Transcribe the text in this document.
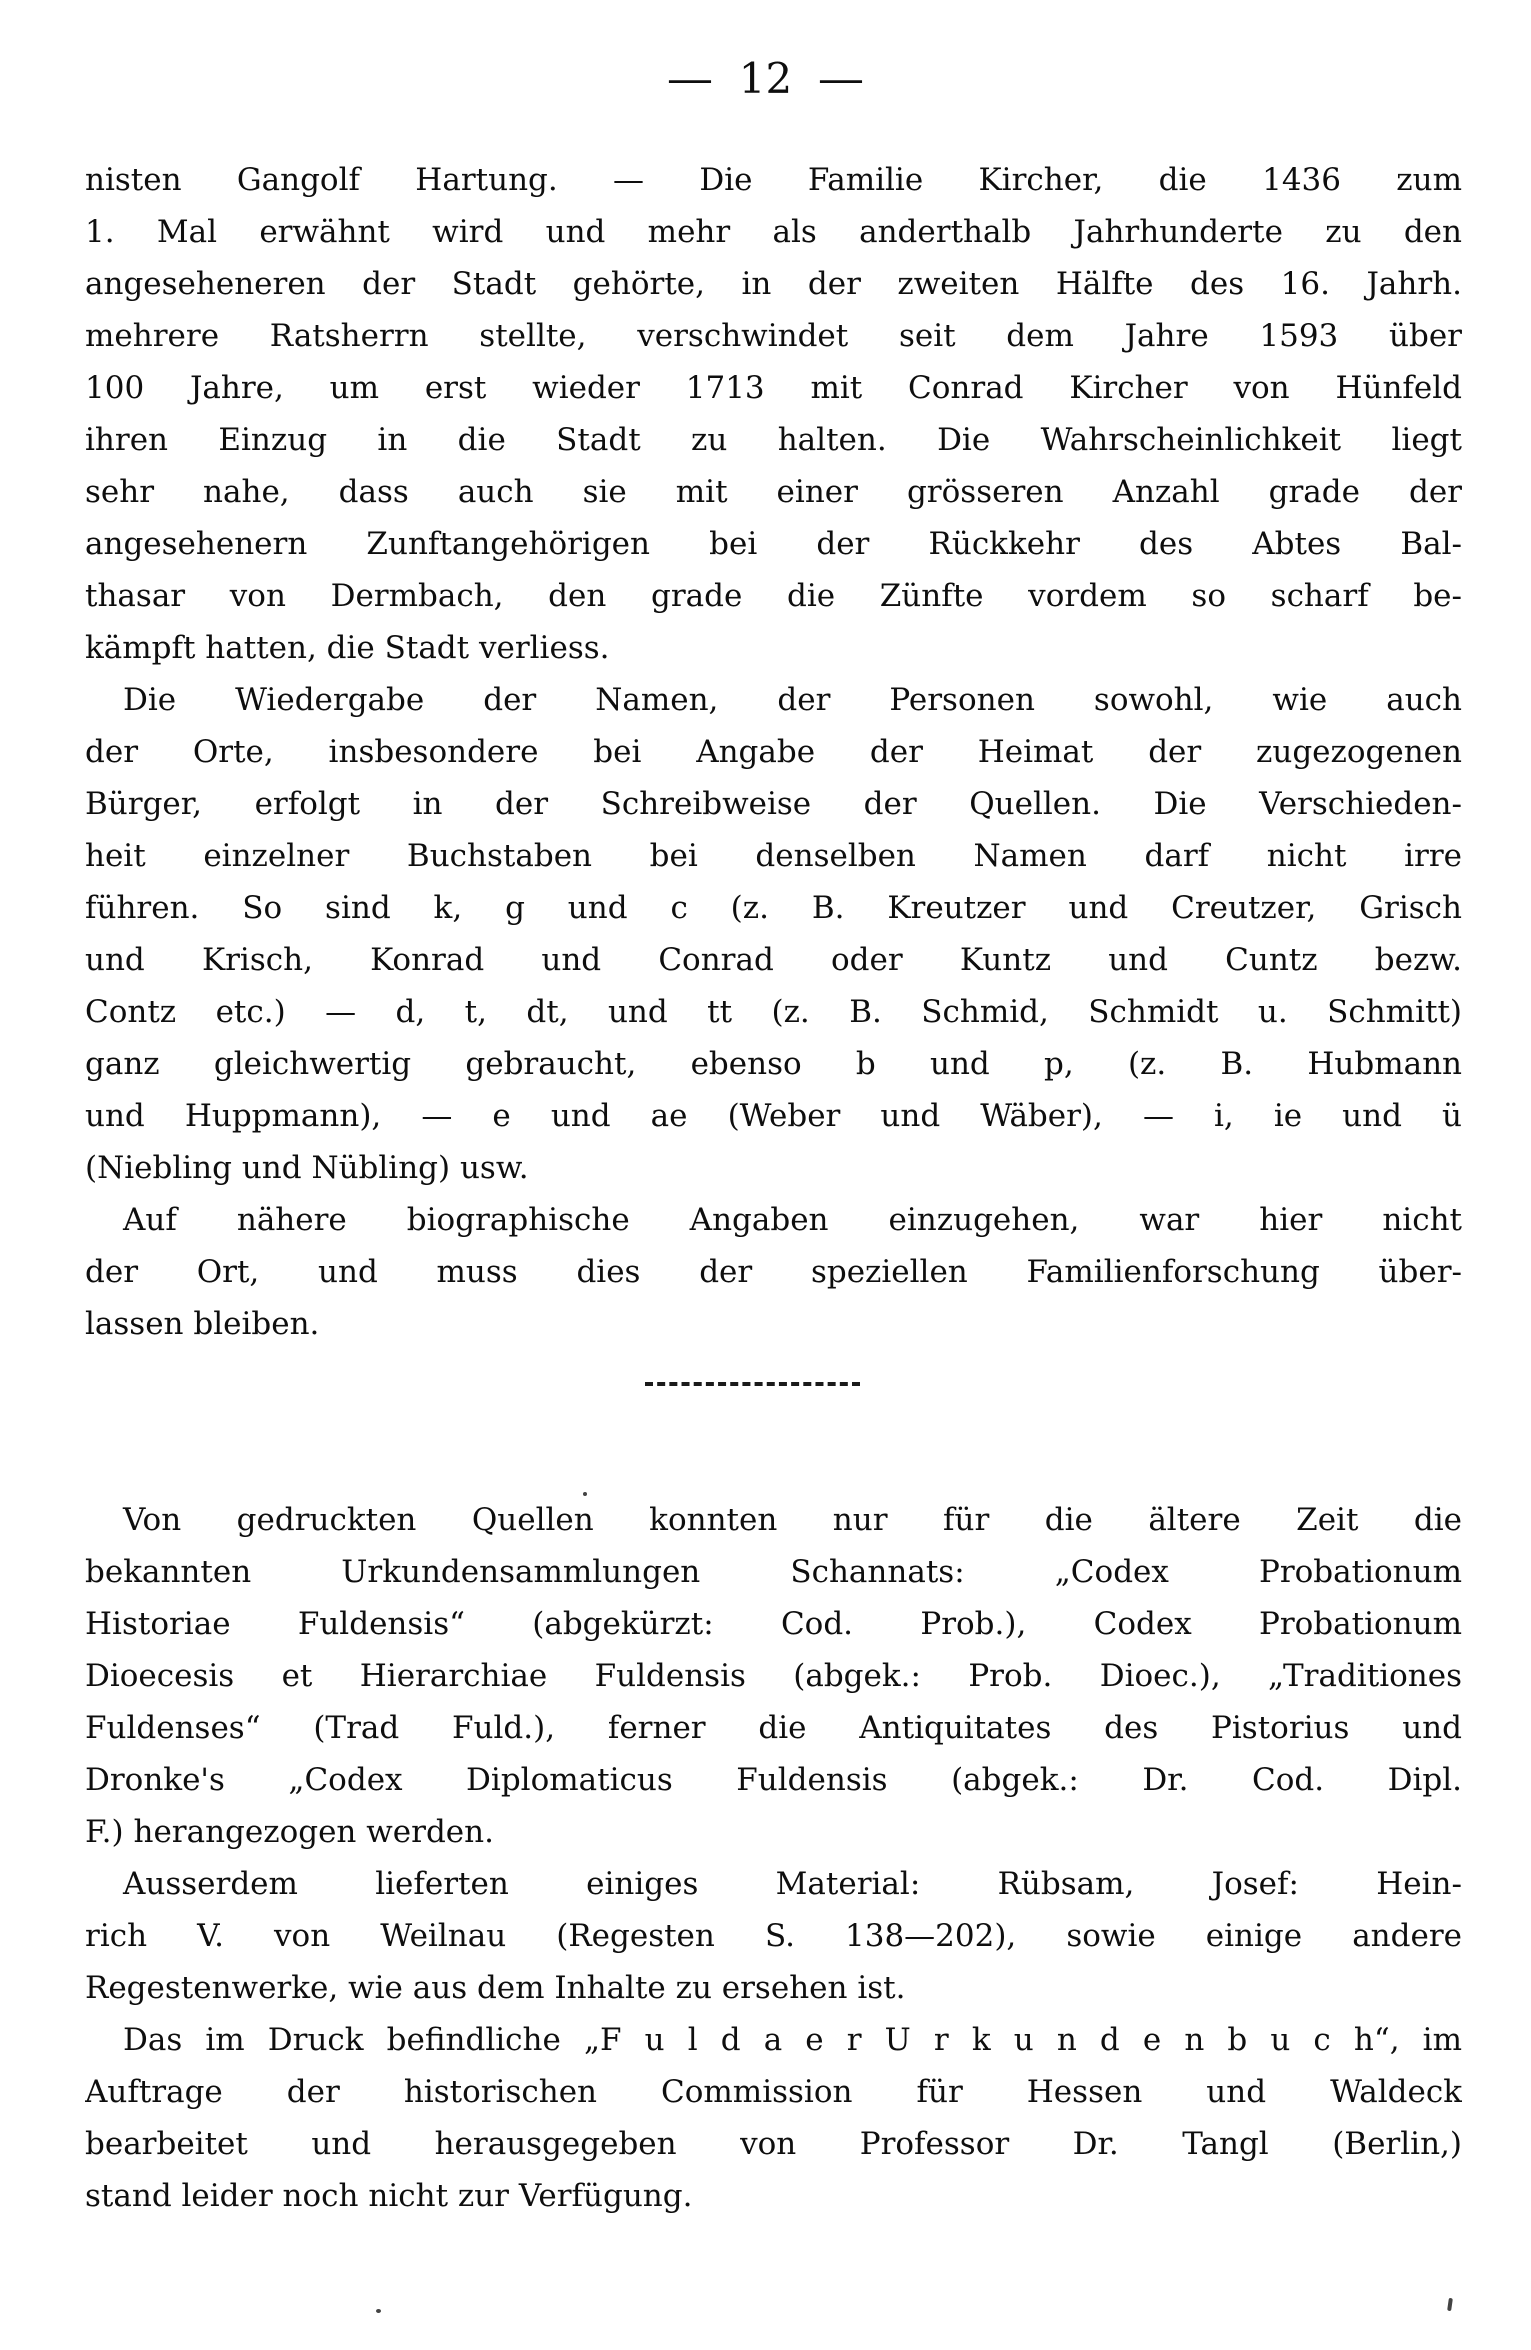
— 12 —
nisten Gangolf Hartung. — Die Familie Kircher, die 1436 zum
1. Mal erwähnt wird und mehr als anderthalb Jahrhunderte zu den
angeseheneren der Stadt gehörte, in der zweiten Hälfte des 16. Jahrh.
mehrere Ratsherrn stellte, verschwindet seit dem Jahre 1593 über
100 Jahre, um erst wieder 1713 mit Conrad Kircher von Hünfeld
ihren Einzug in die Stadt zu halten. Die Wahrscheinlichkeit liegt
sehr nahe, dass auch sie mit einer grösseren Anzahl grade der
angesehenern Zunftangehörigen bei der Rückkehr des Abtes Bal-
thasar von Dermbach, den grade die Zünfte vordem so scharf be-
kämpft hatten, die Stadt verliess.
Die Wiedergabe der Namen, der Personen sowohl, wie auch
der Orte, insbesondere bei Angabe der Heimat der zugezogenen
Bürger, erfolgt in der Schreibweise der Quellen. Die Verschieden-
heit einzelner Buchstaben bei denselben Namen darf nicht irre
führen. So sind k, g und c (z. B. Kreutzer und Creutzer, Grisch
und Krisch, Konrad und Conrad oder Kuntz und Cuntz bezw.
Contz etc.) — d, t, dt, und tt (z. B. Schmid, Schmidt u. Schmitt)
ganz gleichwertig gebraucht, ebenso b und p, (z. B. Hubmann
und Huppmann), — e und ae (Weber und Wäber), — i, ie und ü
(Niebling und Nübling) usw.
Auf nähere biographische Angaben einzugehen, war hier nicht
der Ort, und muss dies der speziellen Familienforschung über-
lassen bleiben.
Von gedruckten Quellen konnten nur für die ältere Zeit die
bekannten Urkundensammlungen Schannats: „Codex Probationum
Historiae Fuldensis“ (abgekürzt: Cod. Prob.), Codex Probationum
Dioecesis et Hierarchiae Fuldensis (abgek.: Prob. Dioec.), „Traditiones
Fuldenses“ (Trad Fuld.), ferner die Antiquitates des Pistorius und
Dronke's „Codex Diplomaticus Fuldensis (abgek.: Dr. Cod. Dipl.
F.) herangezogen werden.
Ausserdem lieferten einiges Material: Rübsam, Josef: Hein-
rich V. von Weilnau (Regesten S. 138—202), sowie einige andere
Regestenwerke, wie aus dem Inhalte zu ersehen ist.
Das im Druck befindliche „F u l d a e r U r k u n d e n b u c h“, im
Auftrage der historischen Commission für Hessen und Waldeck
bearbeitet und herausgegeben von Professor Dr. Tangl (Berlin,)
stand leider noch nicht zur Verfügung.
